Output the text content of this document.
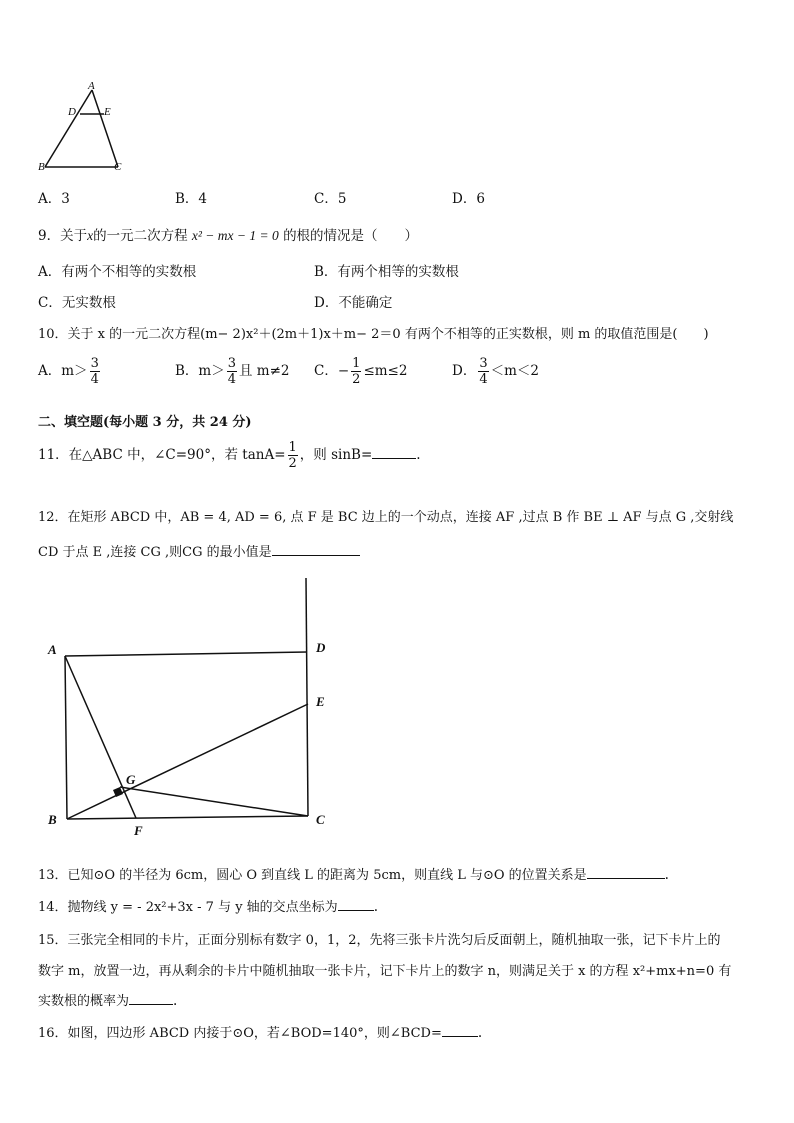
A
D	E
B	C
A．3	B．4	C．5	D．6
9．关于x的一元二次方程 x² − mx − 1 = 0 的根的情况是（　　）
A．有两个不相等的实数根	B．有两个相等的实数根
C．无实数根	D．不能确定
10．关于 x 的一元二次方程(m− 2)x²＋(2m＋1)x＋m− 2＝0 有两个不相等的正实数根，则 m 的取值范围是(　　)
A．$m> \frac{3}{4}$	B．$m> \frac{3}{4}$ 且 m≠2 C．− $\frac{1}{2} \le m\le 2$	D． $\frac{3}{4} <m<2$
二、填空题(每小题 3 分，共 24 分)
11．在△ABC 中，∠C=90°，若 $\tan A= \frac{1}{2}$ ，则 sinB=	.
12．在矩形 ABCD 中，AB = 4, AD = 6, 点 F 是 BC 边上的一个动点，连接 AF ,过点 B 作 BE ⊥ AF 与点 G ,交射线
CD 于点 E ,连接 CG ,则CG 的最小值是
A	D
E
G
B
F
C
13．已知⊙O 的半径为 6cm，圆心 O 到直线 L 的距离为 5cm，则直线 L 与⊙O 的位置关系是	.
14．抛物线 y = - 2x²+3x - 7 与 y 轴的交点坐标为	.
15．三张完全相同的卡片，正面分别标有数字 0，1，2，先将三张卡片洗匀后反面朝上，随机抽取一张，记下卡片上的
数字 m，放置一边，再从剩余的卡片中随机抽取一张卡片，记下卡片上的数字 n，则满足关于 x 的方程 x²+mx+n=0 有
实数根的概率为	.
16．如图，四边形 ABCD 内接于⊙O，若∠BOD=140°，则∠BCD=	.
